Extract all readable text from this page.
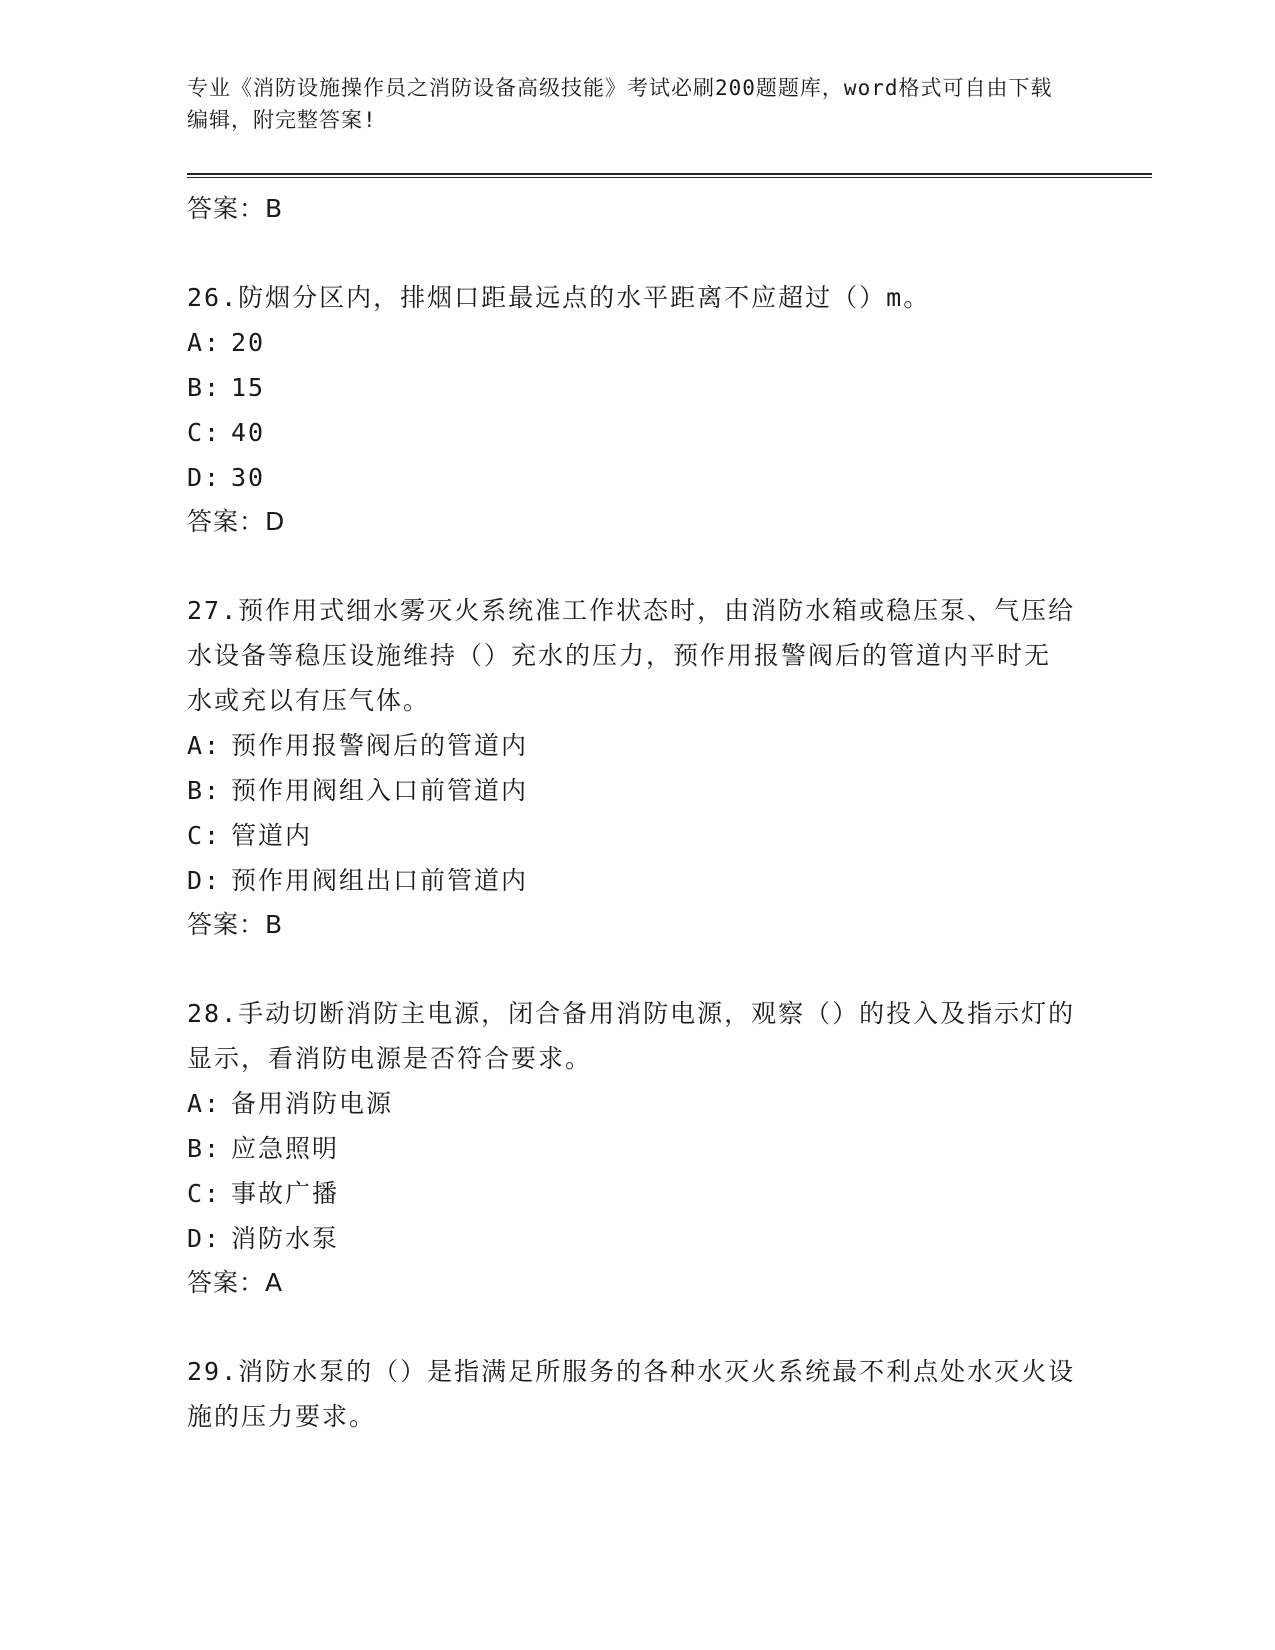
专业《消防设施操作员之消防设备高级技能》考试必刷200题题库，word格式可自由下载编辑，附完整答案!

答案：B
26.防烟分区内，排烟口距最远点的水平距离不应超过（）m。
A: 20
B: 15
C: 40
D: 30
答案：D
27.预作用式细水雾灭火系统准工作状态时，由消防水箱或稳压泵、气压给水设备等稳压设施维持（）充水的压力，预作用报警阀后的管道内平时无水或充以有压气体。
A: 预作用报警阀后的管道内
B: 预作用阀组入口前管道内
C: 管道内
D: 预作用阀组出口前管道内
答案：B
28.手动切断消防主电源，闭合备用消防电源，观察（）的投入及指示灯的显示，看消防电源是否符合要求。
A: 备用消防电源
B: 应急照明
C: 事故广播
D: 消防水泵
答案：A
29.消防水泵的（）是指满足所服务的各种水灭火系统最不利点处水灭火设施的压力要求。
